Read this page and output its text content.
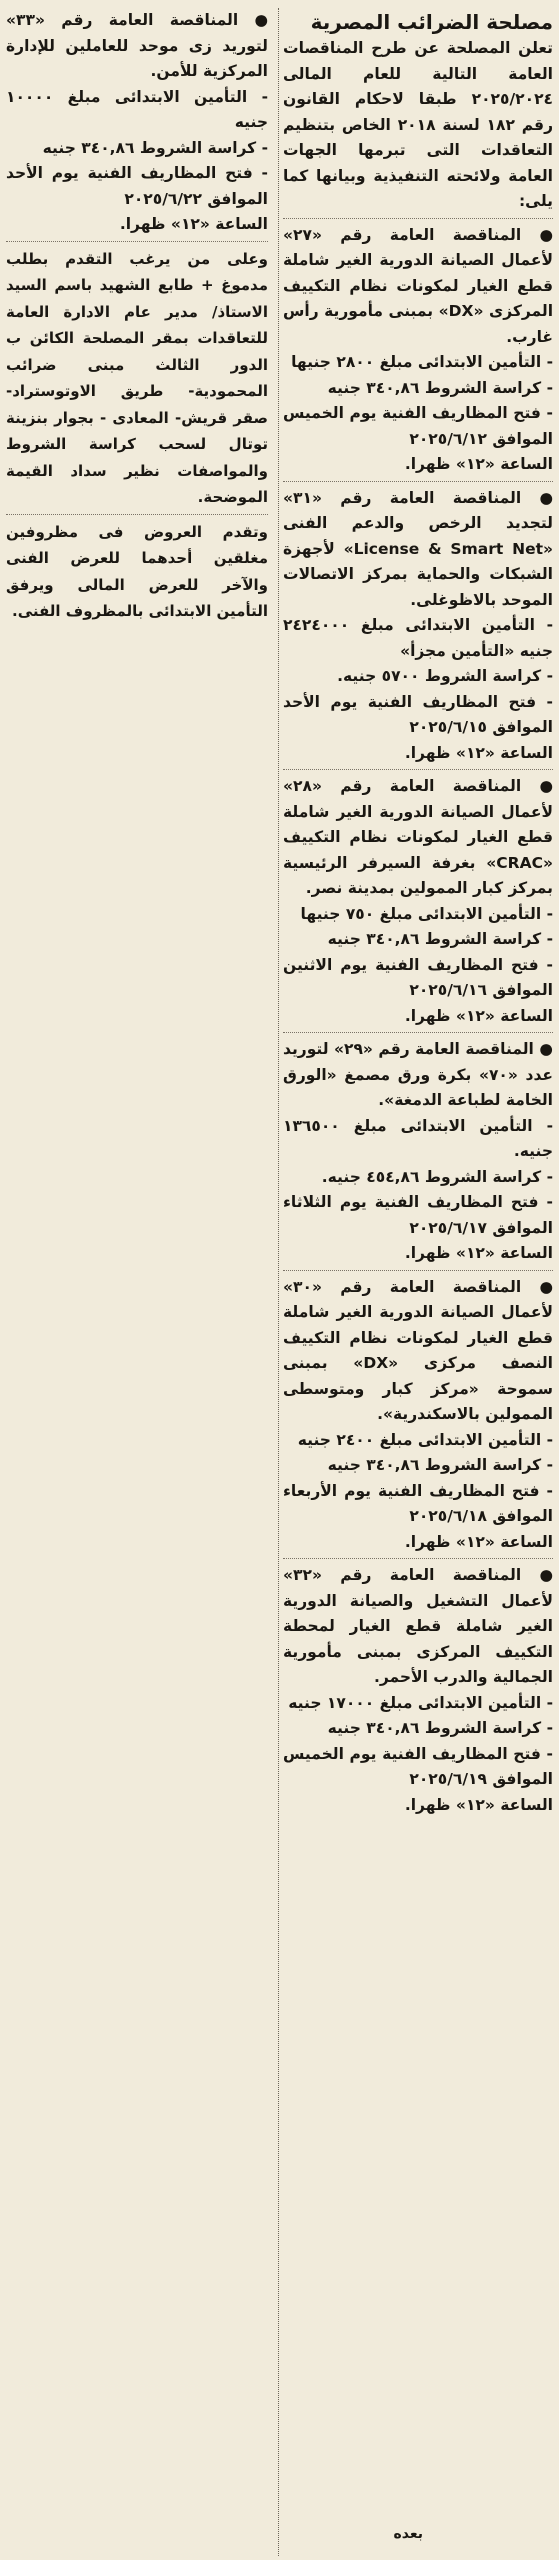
مصلحة الضرائب المصرية

تعلن المصلحة عن طرح المناقصات العامة التالية للعام المالى ٢٠٢٥/٢٠٢٤ طبقا لاحكام القانون رقم ١٨٢ لسنة ٢٠١٨ الخاص بتنظيم التعاقدات التى تبرمها الجهات العامة ولائحته التنفيذية وبيانها كما يلى:

● المناقصة العامة رقم «٢٧» لأعمال الصيانة الدورية الغير شاملة قطع الغيار لمكونات نظام التكييف المركزى «DX» بمبنى مأمورية رأس غارب.
- التأمين الابتدائى مبلغ ٢٨٠٠ جنيها
- كراسة الشروط ٣٤٠,٨٦ جنيه
- فتح المظاريف الفنية يوم الخميس الموافق ٢٠٢٥/٦/١٢
الساعة «١٢» ظهرا.

● المناقصة العامة رقم «٣١» لتجديد الرخص والدعم الفنى «License & Smart Net» لأجهزة الشبكات والحماية بمركز الاتصالات الموحد بالاظوغلى.
- التأمين الابتدائى مبلغ ٢٤٢٤٠٠٠ جنيه «التأمين مجزأ»
- كراسة الشروط ٥٧٠٠ جنيه.
- فتح المظاريف الفنية يوم الأحد الموافق ٢٠٢٥/٦/١٥
الساعة «١٢» ظهرا.

● المناقصة العامة رقم «٢٨» لأعمال الصيانة الدورية الغير شاملة قطع الغيار لمكونات نظام التكييف «CRAC» بغرفة السيرفر الرئيسية بمركز كبار الممولين بمدينة نصر.
- التأمين الابتدائى مبلغ ٧٥٠ جنيها
- كراسة الشروط ٣٤٠,٨٦ جنيه
- فتح المظاريف الفنية يوم الاثنين الموافق ٢٠٢٥/٦/١٦
الساعة «١٢» ظهرا.

● المناقصة العامة رقم «٢٩» لتوريد عدد «٧٠» بكرة ورق مصمغ «الورق الخامة لطباعة الدمغة».
- التأمين الابتدائى مبلغ ١٣٦٥٠٠ جنيه.
- كراسة الشروط ٤٥٤,٨٦ جنيه.
- فتح المظاريف الفنية يوم الثلاثاء الموافق ٢٠٢٥/٦/١٧
الساعة «١٢» ظهرا.

● المناقصة العامة رقم «٣٠» لأعمال الصيانة الدورية الغير شاملة قطع الغيار لمكونات نظام التكييف النصف مركزى «DX» بمبنى سموحة «مركز كبار ومتوسطى الممولين بالاسكندرية».
- التأمين الابتدائى مبلغ ٢٤٠٠ جنيه
- كراسة الشروط ٣٤٠,٨٦ جنيه
- فتح المظاريف الفنية يوم الأربعاء الموافق ٢٠٢٥/٦/١٨
الساعة «١٢» ظهرا.

● المناقصة العامة رقم «٣٢» لأعمال التشغيل والصيانة الدورية الغير شاملة قطع الغيار لمحطة التكييف المركزى بمبنى مأمورية الجمالية والدرب الأحمر.
- التأمين الابتدائى مبلغ ١٧٠٠٠ جنيه
- كراسة الشروط ٣٤٠,٨٦ جنيه
- فتح المظاريف الفنية يوم الخميس الموافق ٢٠٢٥/٦/١٩
الساعة «١٢» ظهرا.

بعده

● المناقصة العامة رقم «٣٣» لتوريد زى موحد للعاملين للإدارة المركزية للأمن.
- التأمين الابتدائى مبلغ ١٠٠٠٠ جنيه
- كراسة الشروط ٣٤٠,٨٦ جنيه
- فتح المظاريف الفنية يوم الأحد الموافق ٢٠٢٥/٦/٢٢
الساعة «١٢» ظهرا.

وعلى من يرغب التقدم بطلب مدموغ + طابع الشهيد باسم السيد الاستاذ/ مدير عام الادارة العامة للتعاقدات بمقر المصلحة الكائن ب الدور الثالث مبنى ضرائب المحمودية- طريق الاوتوستراد- صقر قريش- المعادى - بجوار بنزينة توتال لسحب كراسة الشروط والمواصفات نظير سداد القيمة الموضحة.

وتقدم العروض فى مظروفين مغلقين أحدهما للعرض الفنى والآخر للعرض المالى ويرفق التأمين الابتدائى بالمظروف الفنى.
